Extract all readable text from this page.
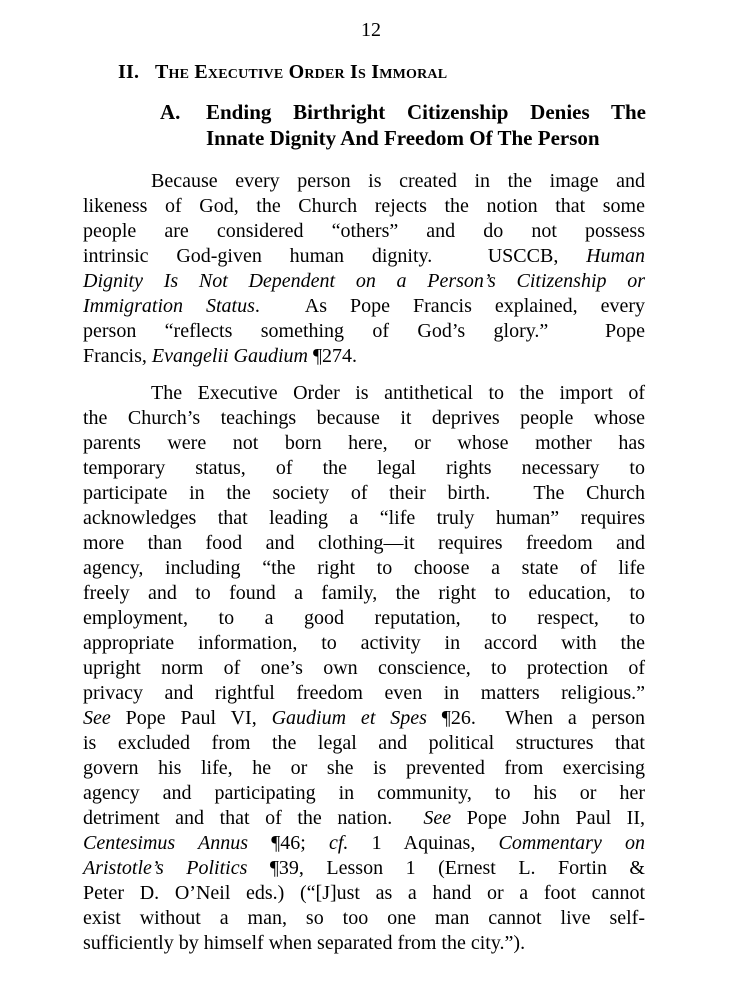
12
II. The Executive Order Is Immoral
A.	Ending Birthright Citizenship Denies The
Innate Dignity And Freedom Of The Person
Because every person is created in the image and
likeness of God, the Church rejects the notion that some
people are considered “others” and do not possess
intrinsic God-given human dignity.  USCCB, Human
Dignity Is Not Dependent on a Person’s Citizenship or
Immigration Status.  As Pope Francis explained, every
person “reflects something of God’s glory.”  Pope
Francis, Evangelii Gaudium ¶274.
The Executive Order is antithetical to the import of
the Church’s teachings because it deprives people whose
parents were not born here, or whose mother has
temporary status, of the legal rights necessary to
participate in the society of their birth.  The Church
acknowledges that leading a “life truly human” requires
more than food and clothing—it requires freedom and
agency, including “the right to choose a state of life
freely and to found a family, the right to education, to
employment, to a good reputation, to respect, to
appropriate information, to activity in accord with the
upright norm of one’s own conscience, to protection of
privacy and rightful freedom even in matters religious.”
See Pope Paul VI, Gaudium et Spes ¶26.  When a person
is excluded from the legal and political structures that
govern his life, he or she is prevented from exercising
agency and participating in community, to his or her
detriment and that of the nation.  See Pope John Paul II,
Centesimus Annus ¶46; cf. 1 Aquinas, Commentary on
Aristotle’s Politics ¶39, Lesson 1 (Ernest L. Fortin &
Peter D. O’Neil eds.) (“[J]ust as a hand or a foot cannot
exist without a man, so too one man cannot live self-
sufficiently by himself when separated from the city.”).
